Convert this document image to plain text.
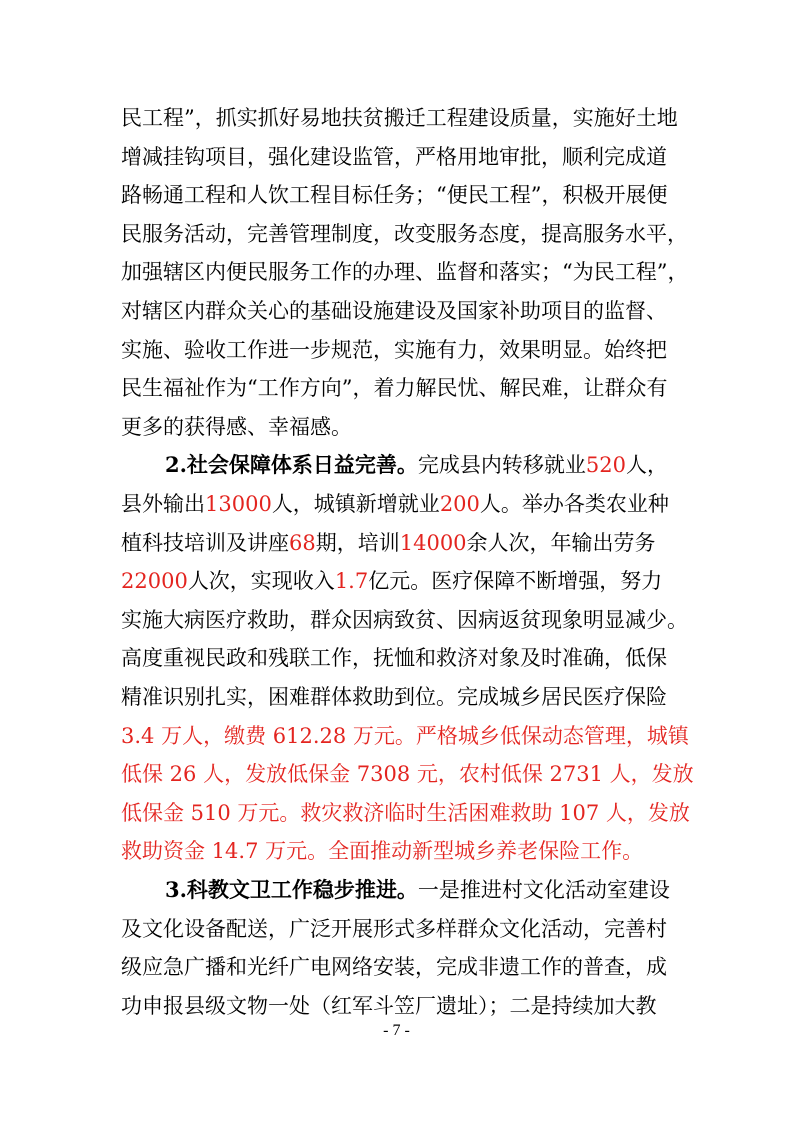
民工程”，抓实抓好易地扶贫搬迁工程建设质量，实施好土地
增减挂钩项目，强化建设监管，严格用地审批，顺利完成道
路畅通工程和人饮工程目标任务；“便民工程”，积极开展便
民服务活动，完善管理制度，改变服务态度，提高服务水平，
加强辖区内便民服务工作的办理、监督和落实；“为民工程”，
对辖区内群众关心的基础设施建设及国家补助项目的监督、
实施、验收工作进一步规范，实施有力，效果明显。始终把
民生福祉作为“工作方向”，着力解民忧、解民难，让群众有
更多的获得感、幸福感。
2.社会保障体系日益完善。完成县内转移就业520人，
县外输出13000人，城镇新增就业200人。举办各类农业种
植科技培训及讲座68期，培训14000余人次，年输出劳务
22000人次，实现收入1.7亿元。医疗保障不断增强，努力
实施大病医疗救助，群众因病致贫、因病返贫现象明显减少。
高度重视民政和残联工作，抚恤和救济对象及时准确，低保
精准识别扎实，困难群体救助到位。完成城乡居民医疗保险
3.4 万人，缴费 612.28 万元。严格城乡低保动态管理，城镇
低保 26 人，发放低保金 7308 元，农村低保 2731 人，发放
低保金 510 万元。救灾救济临时生活困难救助 107 人，发放
救助资金 14.7 万元。全面推动新型城乡养老保险工作。
3.科教文卫工作稳步推进。一是推进村文化活动室建设
及文化设备配送，广泛开展形式多样群众文化活动，完善村
级应急广播和光纤广电网络安装，完成非遗工作的普查，成
功申报县级文物一处（红军斗笠厂遗址）；二是持续加大教
- 7 -
